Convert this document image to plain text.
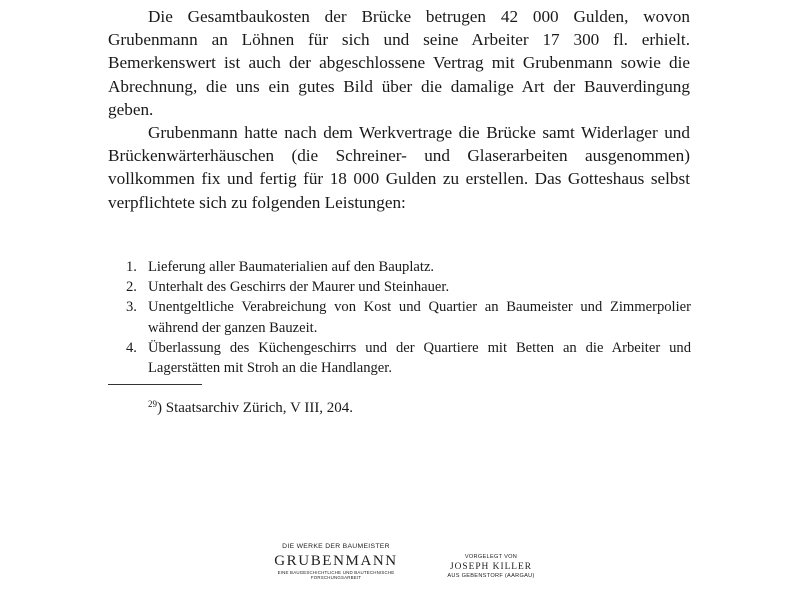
Die Gesamtbaukosten der Brücke betrugen 42 000 Gulden, wovon Grubenmann an Löhnen für sich und seine Arbeiter 17 300 fl. erhielt. Bemerkenswert ist auch der abgeschlossene Vertrag mit Grubenmann sowie die Abrechnung, die uns ein gutes Bild über die damalige Art der Bauverdingung geben.

Grubenmann hatte nach dem Werkvertrage die Brücke samt Widerlager und Brückenwärterhäuschen (die Schreiner- und Glaserarbeiten ausgenommen) vollkommen fix und fertig für 18 000 Gulden zu erstellen. Das Gotteshaus selbst verpflichtete sich zu folgenden Leistungen:

1. Lieferung aller Baumaterialien auf den Bauplatz.
2. Unterhalt des Geschirrs der Maurer und Steinhauer.
3. Unentgeltliche Verabreichung von Kost und Quartier an Baumeister und Zimmerpolier während der ganzen Bauzeit.
4. Überlassung des Küchengeschirrs und der Quartiere mit Betten an die Arbeiter und Lagerstätten mit Stroh an die Handlanger.

$^{29}$) Staatsarchiv Zürich, V III, 204.

DIE WERKE DER BAUMEISTER
GRUBENMANN
EINE BAUGESCHICHTLICHE UND BAUTECHNISCHE
FORSCHUNGSARBEIT
VORGELEGT VON
JOSEPH KILLER
AUS GEBENSTORF (AARGAU)
